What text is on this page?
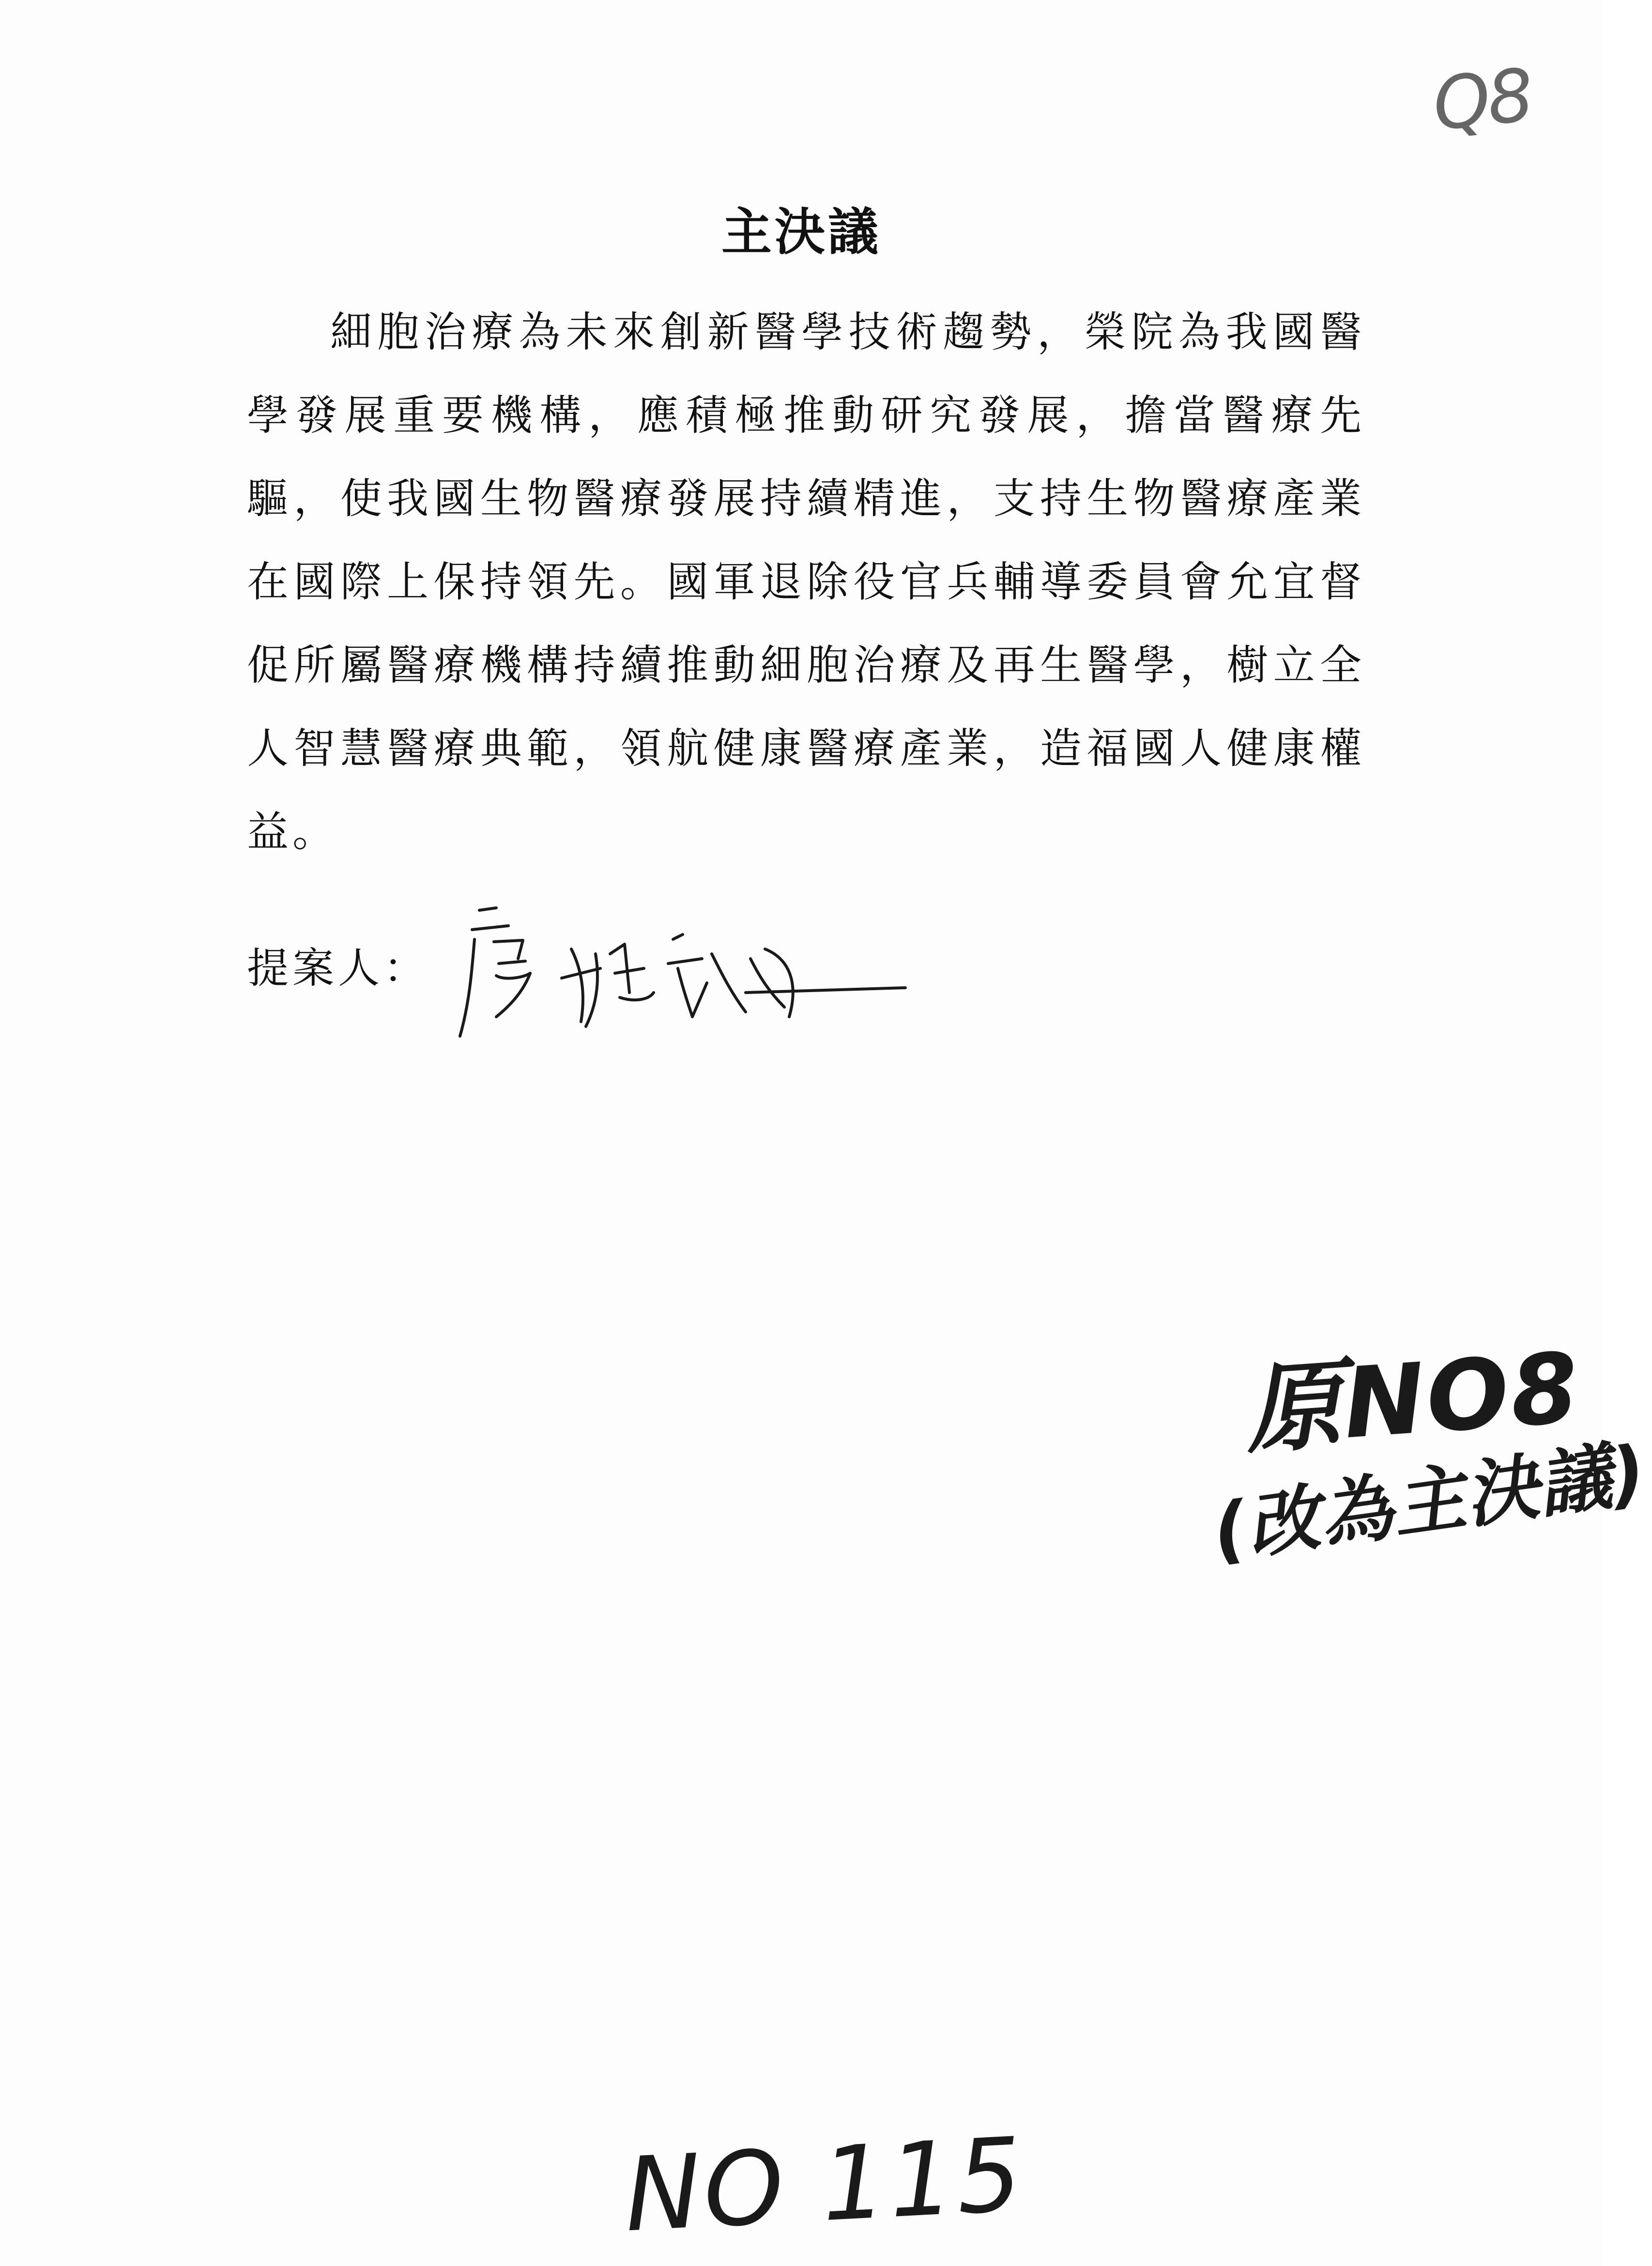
Q8
主決議

細胞治療為未來創新醫學技術趨勢，榮院為我國醫學發展重要機構，應積極推動研究發展，擔當醫療先驅，使我國生物醫療發展持續精進，支持生物醫療產業在國際上保持領先。國軍退除役官兵輔導委員會允宜督促所屬醫療機構持續推動細胞治療及再生醫學，樹立全人智慧醫療典範，領航健康醫療產業，造福國人健康權益。

提案人：
原NO8
(改為主決議)
NO 115
